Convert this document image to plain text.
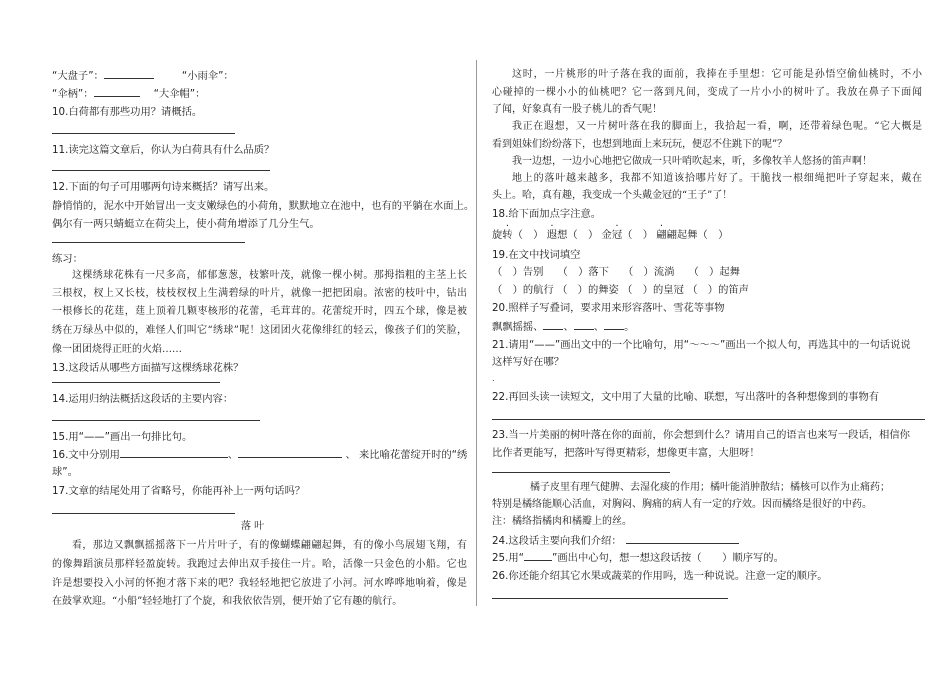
“大盘子”：	“小雨伞”：
“伞柄”：	“大伞帽”：
10.白荷都有那些功用？请概括。
11.读完这篇文章后，你认为白荷具有什么品质？
12.下面的句子可用哪两句诗来概括？请写出来。
静悄悄的，泥水中开始冒出一支支嫩绿色的小荷角，默默地立在池中，也有的平躺在水面上。
偶尔有一两只蜻蜓立在荷尖上，使小荷角增添了几分生气。
练习：
这棵绣球花株有一尺多高，郁郁葱葱，枝繁叶茂，就像一棵小树。那拇指粗的主茎上长
三根杈，杈上又长枝，枝枝杈杈上生满碧绿的叶片，就像一把把团扇。浓密的枝叶中，钻出
一根修长的花莛，莛上顶着几颗枣核形的花蕾，毛茸茸的。花蕾绽开时，四五个球，像是被
绣在万绿丛中似的，难怪人们叫它“绣球”呢！这团团火花像绯红的轻云，像孩子们的笑脸，
像一团团烧得正旺的火焰……
13.这段话从哪些方面描写这棵绣球花株？
14.运用归纳法概括这段话的主要内容：
15.用“——”画出一句排比句。
16.文中分别用	、	、 来比喻花蕾绽开时的“绣
球”。
17.文章的结尾处用了省略号，你能再补上一两句话吗？
落 叶
看，那边又飘飘摇摇落下一片片叶子，有的像蝴蝶翩翩起舞，有的像小鸟展翅飞翔，有
的像舞蹈演员那样轻盈旋转。我跑过去伸出双手接住一片。哈，活像一只金色的小船。它也
许是想要投入小河的怀抱才落下来的吧？我轻轻地把它放进了小河。河水哗哗地响着，像是
在鼓掌欢迎。“小船”轻轻地打了个旋，和我依依告别，便开始了它有趣的航行。
这时，一片桃形的叶子落在我的面前，我捧在手里想：它可能是孙悟空偷仙桃时，不小
心碰掉的一棵小小的仙桃吧？它一落到凡间，变成了一片小小的树叶了。我放在鼻子下面闻
了闻，好象真有一股子桃儿的香气呢！
我正在遐想，又一片树叶落在我的脚面上，我拾起一看，啊，还带着绿色呢。“它大概是
看到姐妹们纷纷落下，也想到地面上来玩玩，便忍不住跳下的呢”？
我一边想，一边小心地把它做成一只叶哨吹起来，听，多像牧羊人悠扬的笛声啊！
地上的落叶越来越多，我都不知道该拾哪片好了。干脆找一根细绳把叶子穿起来，戴在
头上。哈，真有趣，我变成一个头戴金冠的“王子”了！
18.给下面加点字注意。
旋转（　） 遐想（　） 金冠（　） 翩翩起舞（　）
19.在文中找词填空
（　）告别 （　）落下 （　）流淌 （　）起舞
（　）的航行 （　）的舞姿 （　）的皇冠 （　）的笛声
20.照样子写叠词，要求用来形容落叶、雪花等事物
飘飘摇摇、 、 、 。
21.请用“——”画出文中的一个比喻句，用“～～～”画出一个拟人句，再选其中的一句话说说
这样写好在哪？
.
22.再回头读一读短文，文中用了大量的比喻、联想，写出落叶的各种想像到的事物有
23.当一片美丽的树叶落在你的面前，你会想到什么？请用自己的语言也来写一段话，相信你
比作者更能写，把落叶写得更精彩，想像更丰富，大胆呀！
橘子皮里有理气健脾、去湿化痰的作用；橘叶能消肿散结；橘核可以作为止痛药；
特别是橘络能顺心活血，对胸闷、胸痛的病人有一定的疗效。因而橘络是很好的中药。
注：橘络指橘肉和橘瓣上的丝。
24.这段话主要向我们介绍：
25.用“	”画出中心句，想一想这段话按（　　）顺序写的。
26.你还能介绍其它水果或蔬菜的作用吗，选一种说说。注意一定的顺序。
